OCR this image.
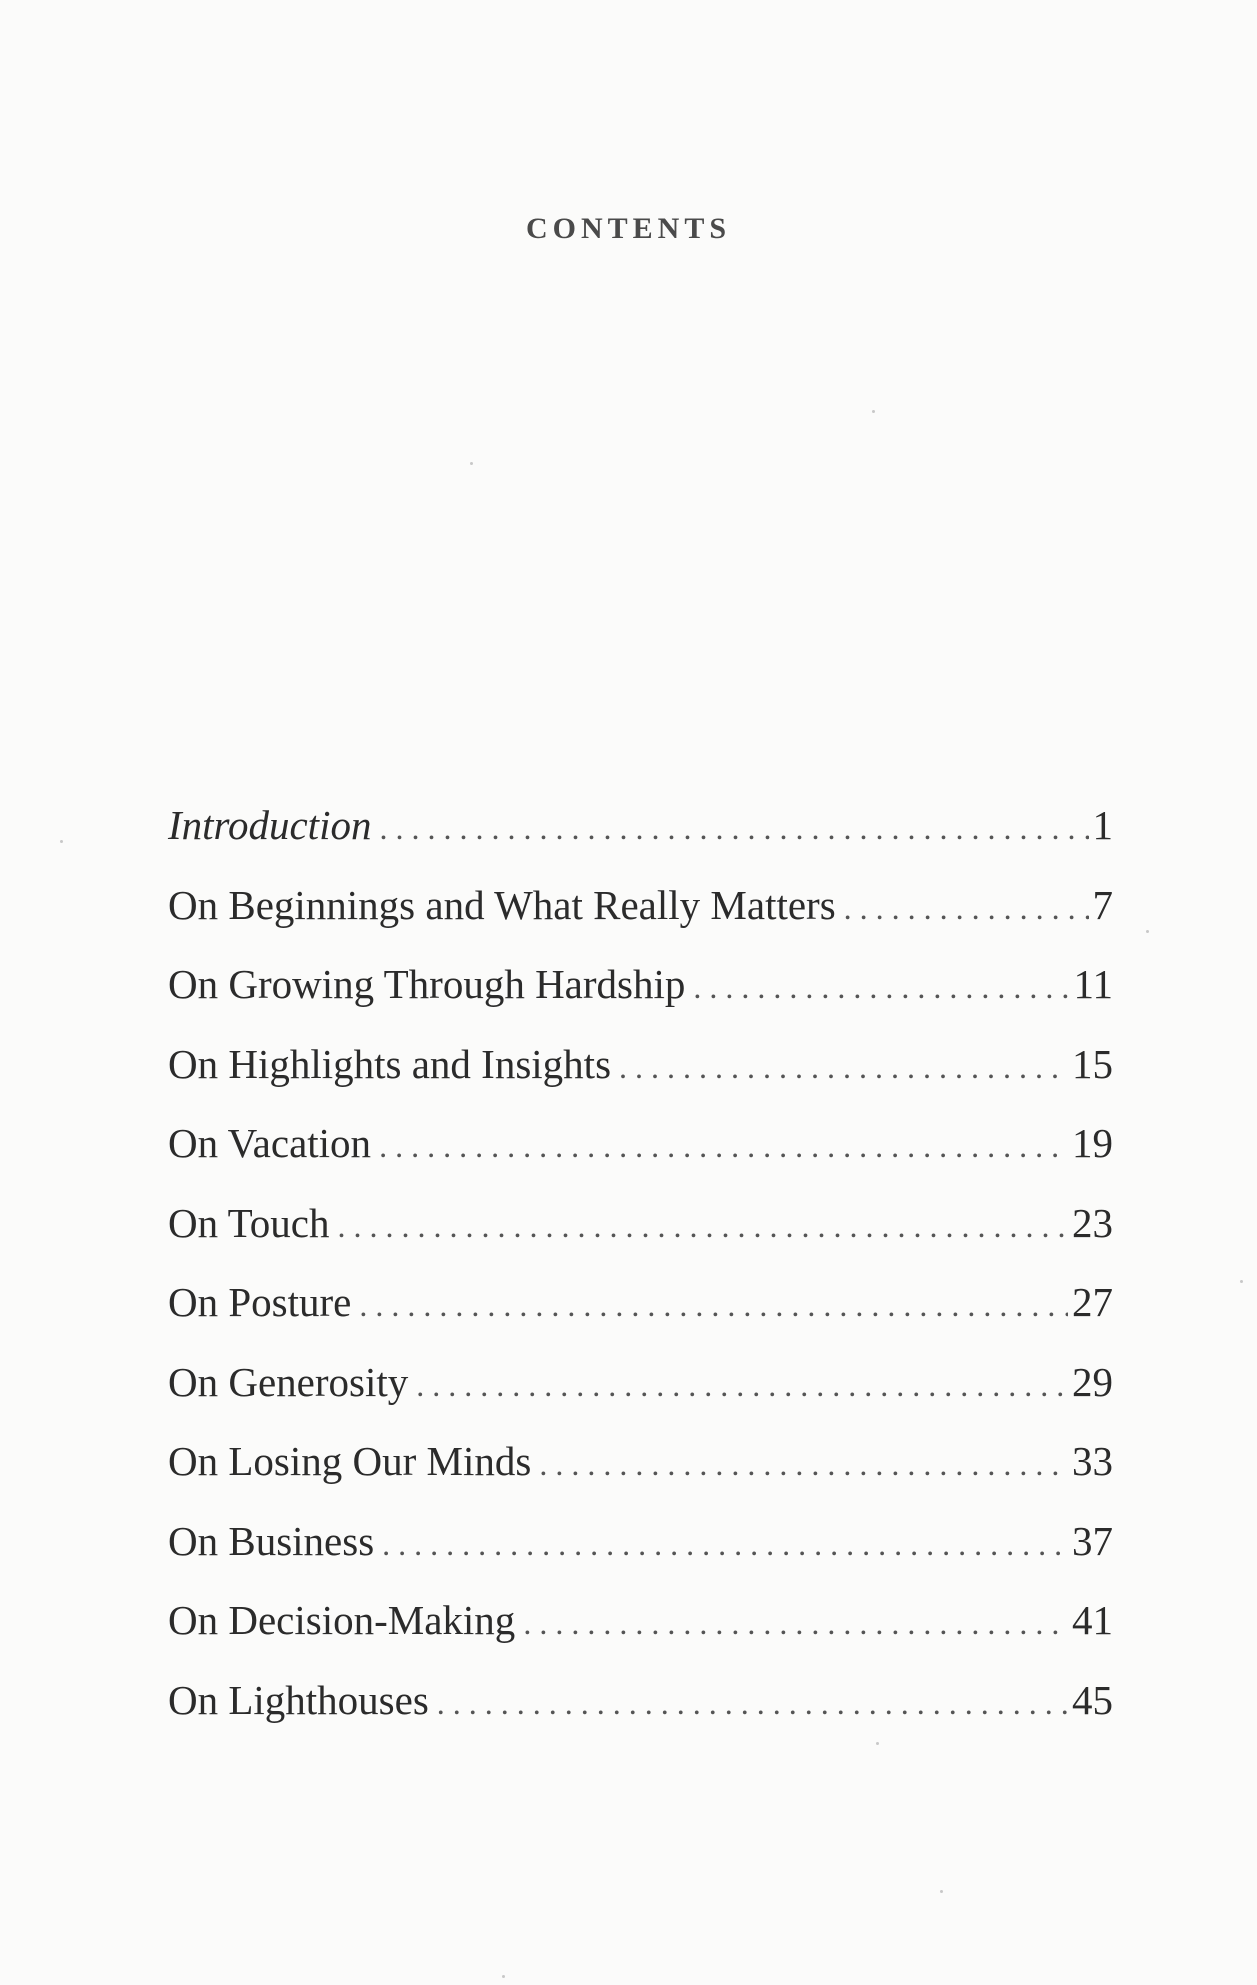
CONTENTS
Introduction . . .	1
On Beginnings and What Really Matters . . .	7
On Growing Through Hardship . . .	11
On Highlights and Insights . . .	15
On Vacation . . .	19
On Touch . . .	23
On Posture . . .	27
On Generosity . . .	29
On Losing Our Minds . . .	33
On Business . . .	37
On Decision-Making . . .	41
On Lighthouses . . .	45
